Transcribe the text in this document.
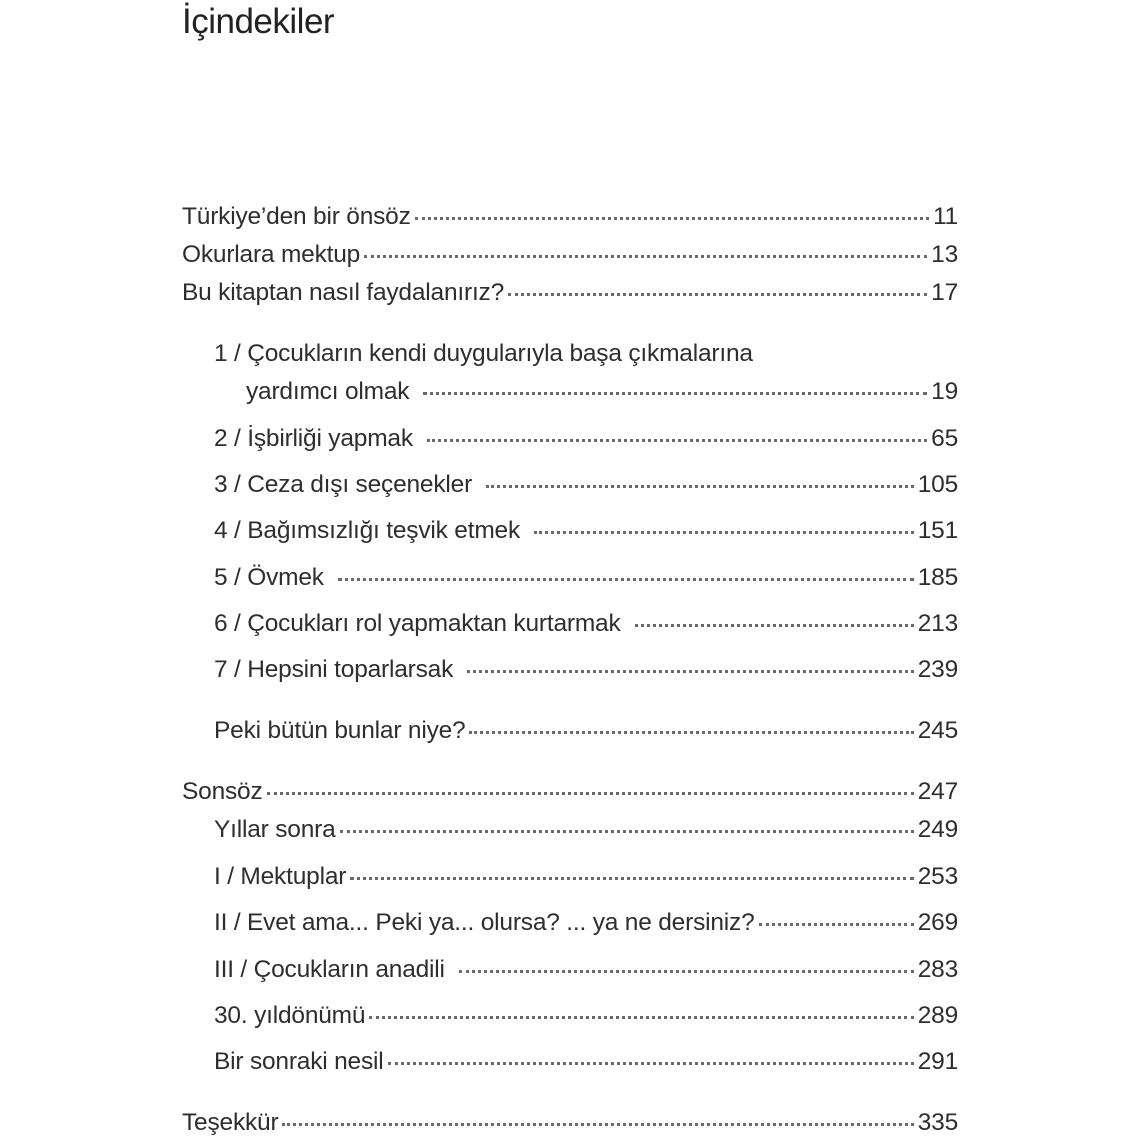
İçindekiler
Türkiye’den bir önsöz	11
Okurlara mektup	13
Bu kitaptan nasıl faydalanırız?	17
1 / Çocukların kendi duygularıyla başa çıkmalarına
yardımcı olmak	19
2 / İşbirliği yapmak	65
3 / Ceza dışı seçenekler	105
4 / Bağımsızlığı teşvik etmek	151
5 / Övmek	185
6 / Çocukları rol yapmaktan kurtarmak	213
7 / Hepsini toparlarsak	239
Peki bütün bunlar niye?	245
Sonsöz	247
Yıllar sonra	249
I / Mektuplar	253
II / Evet ama... Peki ya... olursa? ... ya ne dersiniz?	269
III / Çocukların anadili	283
30. yıldönümü	289
Bir sonraki nesil	291
Teşekkür	335
